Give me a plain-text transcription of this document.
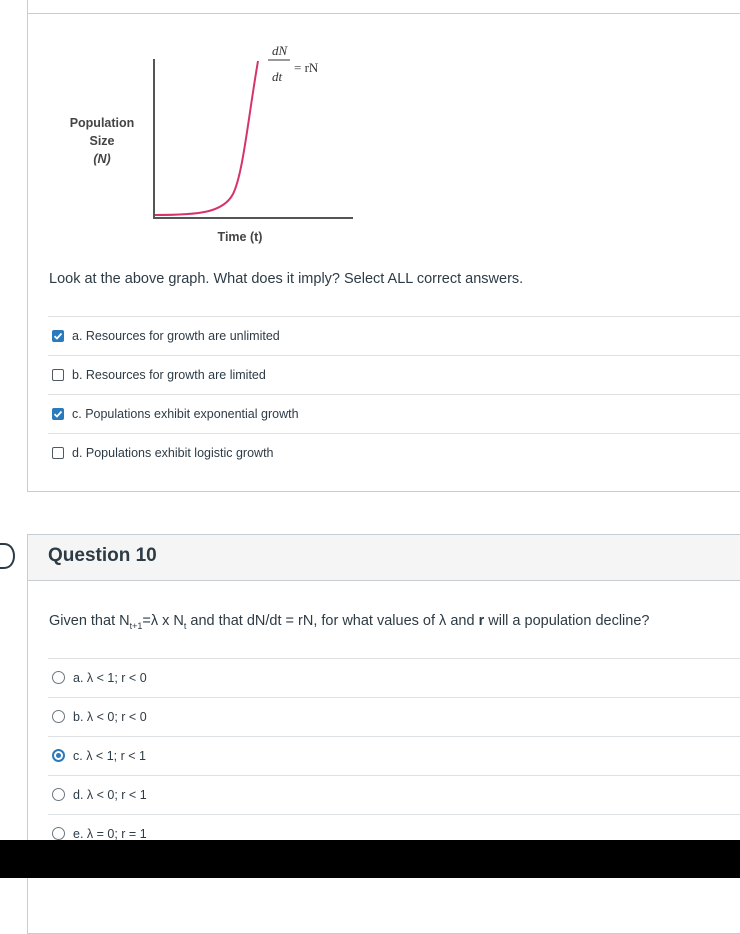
dN
dt
= rN
Population
Size
(N)
Time (t)
Look at the above graph. What does it imply? Select ALL correct answers.
a. Resources for growth are unlimited
b. Resources for growth are limited
c. Populations exhibit exponential growth
d. Populations exhibit logistic growth
Question 10
Given that $N_{t+1}=\lambda$ x $N_t$ and that dN/dt = rN, for what values of λ and r will a population decline?
a. λ < 1; r < 0
b. λ < 0; r < 0
c. λ < 1; r < 1
d. λ < 0; r < 1
e. λ = 0; r = 1
